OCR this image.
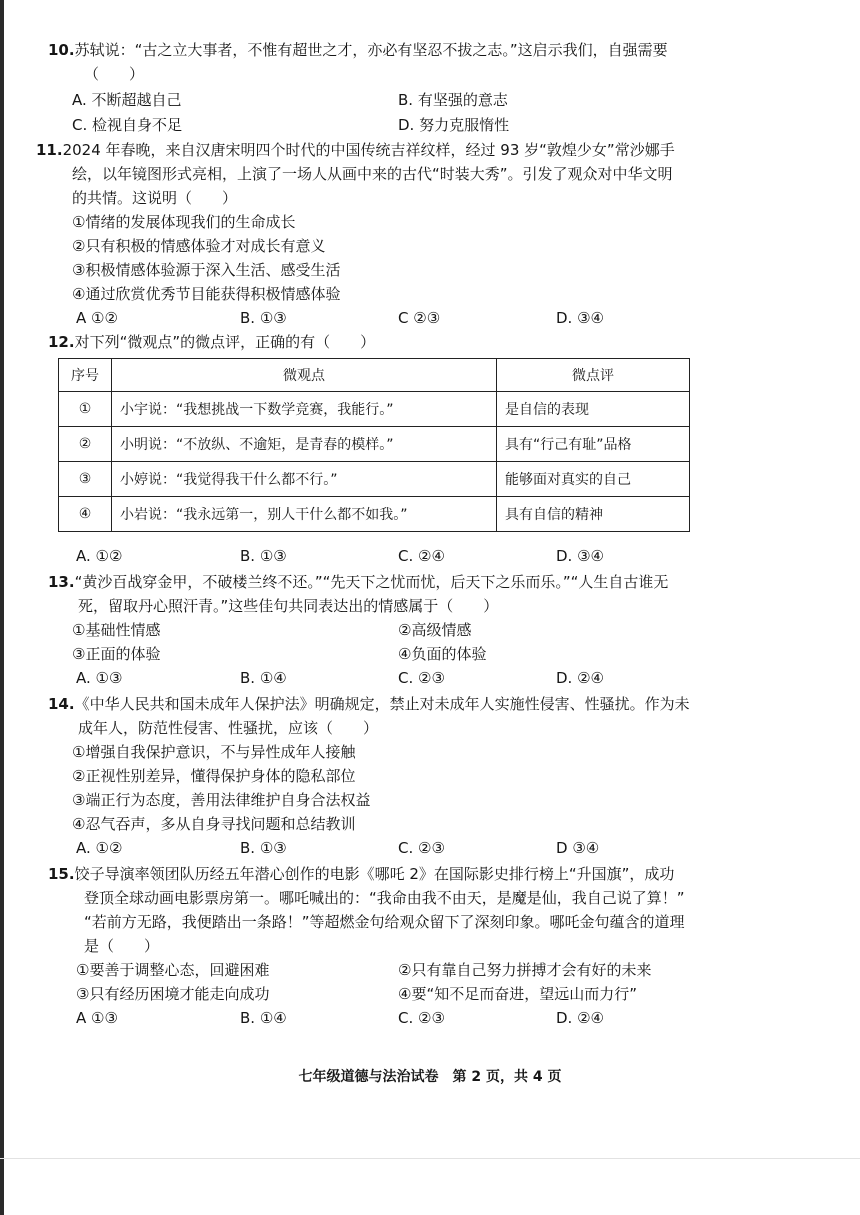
10.苏轼说：“古之立大事者，不惟有超世之才，亦必有坚忍不拔之志。”这启示我们，自强需要
（　　）
A. 不断超越自己	B. 有坚强的意志
C. 检视自身不足	D. 努力克服惰性
11.2024 年春晚，来自汉唐宋明四个时代的中国传统吉祥纹样，经过 93 岁“敦煌少女”常沙娜手
绘，以年镜图形式亮相，上演了一场人从画中来的古代“时装大秀”。引发了观众对中华文明
的共情。这说明（　　）
①情绪的发展体现我们的生命成长
②只有积极的情感体验才对成长有意义
③积极情感体验源于深入生活、感受生活
④通过欣赏优秀节目能获得积极情感体验
A ①②	B. ①③	C ②③	D. ③④
12.对下列“微观点”的微点评，正确的有（　　）
序号	微观点	微点评
①	小宇说：“我想挑战一下数学竞赛，我能行。”	是自信的表现
②	小明说：“不放纵、不逾矩，是青春的模样。”	具有“行己有耻”品格
③	小婷说：“我觉得我干什么都不行。”	能够面对真实的自己
④	小岩说：“我永远第一，别人干什么都不如我。”	具有自信的精神
A. ①②	B. ①③	C. ②④	D. ③④
13.“黄沙百战穿金甲，不破楼兰终不还。”“先天下之忧而忧，后天下之乐而乐。”“人生自古谁无
死，留取丹心照汗青。”这些佳句共同表达出的情感属于（　　）
①基础性情感	②高级情感
③正面的体验	④负面的体验
A. ①③	B. ①④	C. ②③	D. ②④
14.《中华人民共和国未成年人保护法》明确规定，禁止对未成年人实施性侵害、性骚扰。作为未
成年人，防范性侵害、性骚扰，应该（　　）
①增强自我保护意识，不与异性成年人接触
②正视性别差异，懂得保护身体的隐私部位
③端正行为态度，善用法律维护自身合法权益
④忍气吞声，多从自身寻找问题和总结教训
A. ①②	B. ①③	C. ②③	D ③④
15.饺子导演率领团队历经五年潜心创作的电影《哪吒 2》在国际影史排行榜上“升国旗”，成功
登顶全球动画电影票房第一。哪吒喊出的：“我命由我不由天，是魔是仙，我自己说了算！”
“若前方无路，我便踏出一条路！”等超燃金句给观众留下了深刻印象。哪吒金句蕴含的道理
是（　　）
①要善于调整心态，回避困难	②只有靠自己努力拼搏才会有好的未来
③只有经历困境才能走向成功	④要“知不足而奋进，望远山而力行”
A ①③	B. ①④	C. ②③	D. ②④
七年级道德与法治试卷　第 2 页，共 4 页
